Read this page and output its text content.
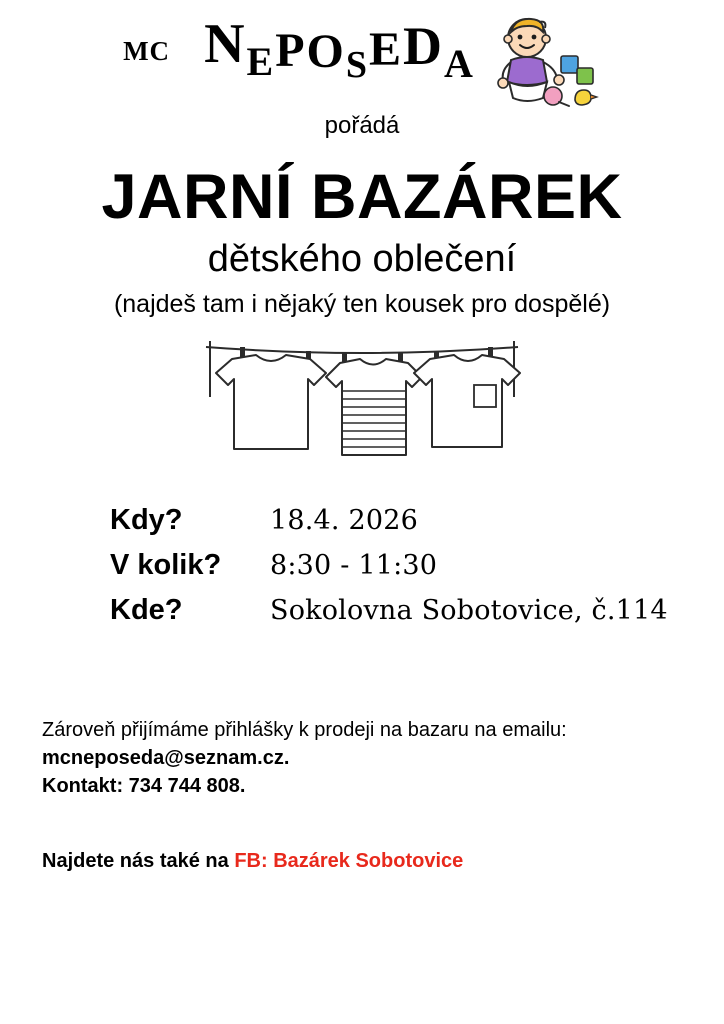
MC N E P O S E D A
pořádá
JARNÍ BAZÁREK
dětského oblečení
(najdeš tam i nějaký ten kousek pro dospělé)
Kdy?	18.4. 2026
V kolik?	8:30 - 11:30
Kde?	Sokolovna Sobotovice, č.114
Zároveň přijímáme přihlášky k prodeji na bazaru na emailu:
mcneposeda@seznam.cz.
Kontakt: 734 744 808.
Najdete nás také na FB: Bazárek Sobotovice
